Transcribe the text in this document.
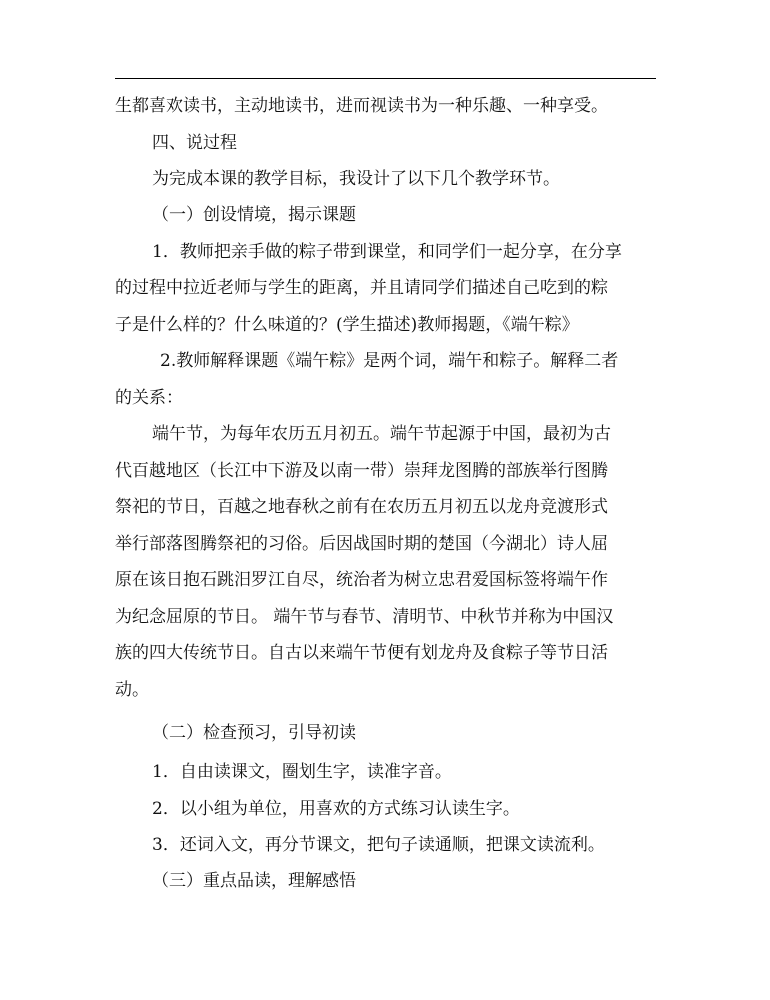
生都喜欢读书，主动地读书，进而视读书为一种乐趣、一种享受。
四、说过程
为完成本课的教学目标，我设计了以下几个教学环节。
（一）创设情境，揭示课题
1．教师把亲手做的粽子带到课堂，和同学们一起分享，在分享
的过程中拉近老师与学生的距离，并且请同学们描述自己吃到的粽
子是什么样的？什么味道的？(学生描述)教师揭题，《端午粽》
2.教师解释课题《端午粽》是两个词，端午和粽子。解释二者
的关系：
端午节，为每年农历五月初五。端午节起源于中国，最初为古
代百越地区（长江中下游及以南一带）崇拜龙图腾的部族举行图腾
祭祀的节日，百越之地春秋之前有在农历五月初五以龙舟竞渡形式
举行部落图腾祭祀的习俗。后因战国时期的楚国（今湖北）诗人屈
原在该日抱石跳汨罗江自尽，统治者为树立忠君爱国标签将端午作
为纪念屈原的节日。 端午节与春节、清明节、中秋节并称为中国汉
族的四大传统节日。自古以来端午节便有划龙舟及食粽子等节日活
动。
（二）检查预习，引导初读
1．自由读课文，圈划生字，读准字音。
2．以小组为单位，用喜欢的方式练习认读生字。
3．还词入文，再分节课文，把句子读通顺，把课文读流利。
（三）重点品读，理解感悟
